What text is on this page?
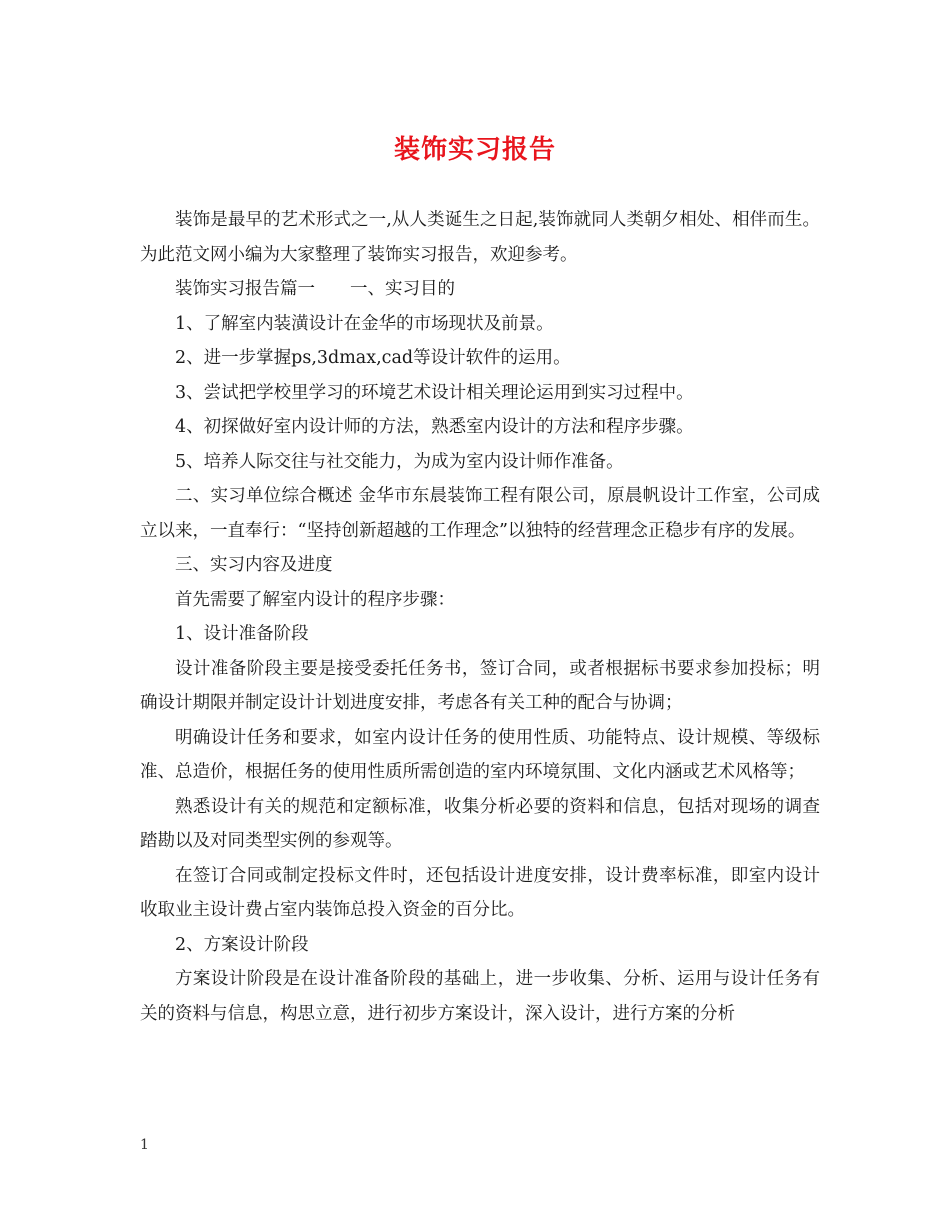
装饰实习报告

装饰是最早的艺术形式之一,从人类诞生之日起,装饰就同人类朝夕相处、相伴而生。为此范文网小编为大家整理了装饰实习报告，欢迎参考。

装饰实习报告篇一　　一、实习目的

1、了解室内装潢设计在金华的市场现状及前景。

2、进一步掌握ps,3dmax,cad等设计软件的运用。

3、尝试把学校里学习的环境艺术设计相关理论运用到实习过程中。

4、初探做好室内设计师的方法，熟悉室内设计的方法和程序步骤。

5、培养人际交往与社交能力，为成为室内设计师作准备。

二、实习单位综合概述 金华市东晨装饰工程有限公司，原晨帆设计工作室，公司成立以来，一直奉行：“坚持创新超越的工作理念”以独特的经营理念正稳步有序的发展。

三、实习内容及进度

首先需要了解室内设计的程序步骤：

1、设计准备阶段

设计准备阶段主要是接受委托任务书，签订合同，或者根据标书要求参加投标；明确设计期限并制定设计计划进度安排，考虑各有关工种的配合与协调；

明确设计任务和要求，如室内设计任务的使用性质、功能特点、设计规模、等级标准、总造价，根据任务的使用性质所需创造的室内环境氛围、文化内涵或艺术风格等；

熟悉设计有关的规范和定额标准，收集分析必要的资料和信息，包括对现场的调查踏勘以及对同类型实例的参观等。

在签订合同或制定投标文件时，还包括设计进度安排，设计费率标准，即室内设计收取业主设计费占室内装饰总投入资金的百分比。

2、方案设计阶段

方案设计阶段是在设计准备阶段的基础上，进一步收集、分析、运用与设计任务有关的资料与信息，构思立意，进行初步方案设计，深入设计，进行方案的分析

1
